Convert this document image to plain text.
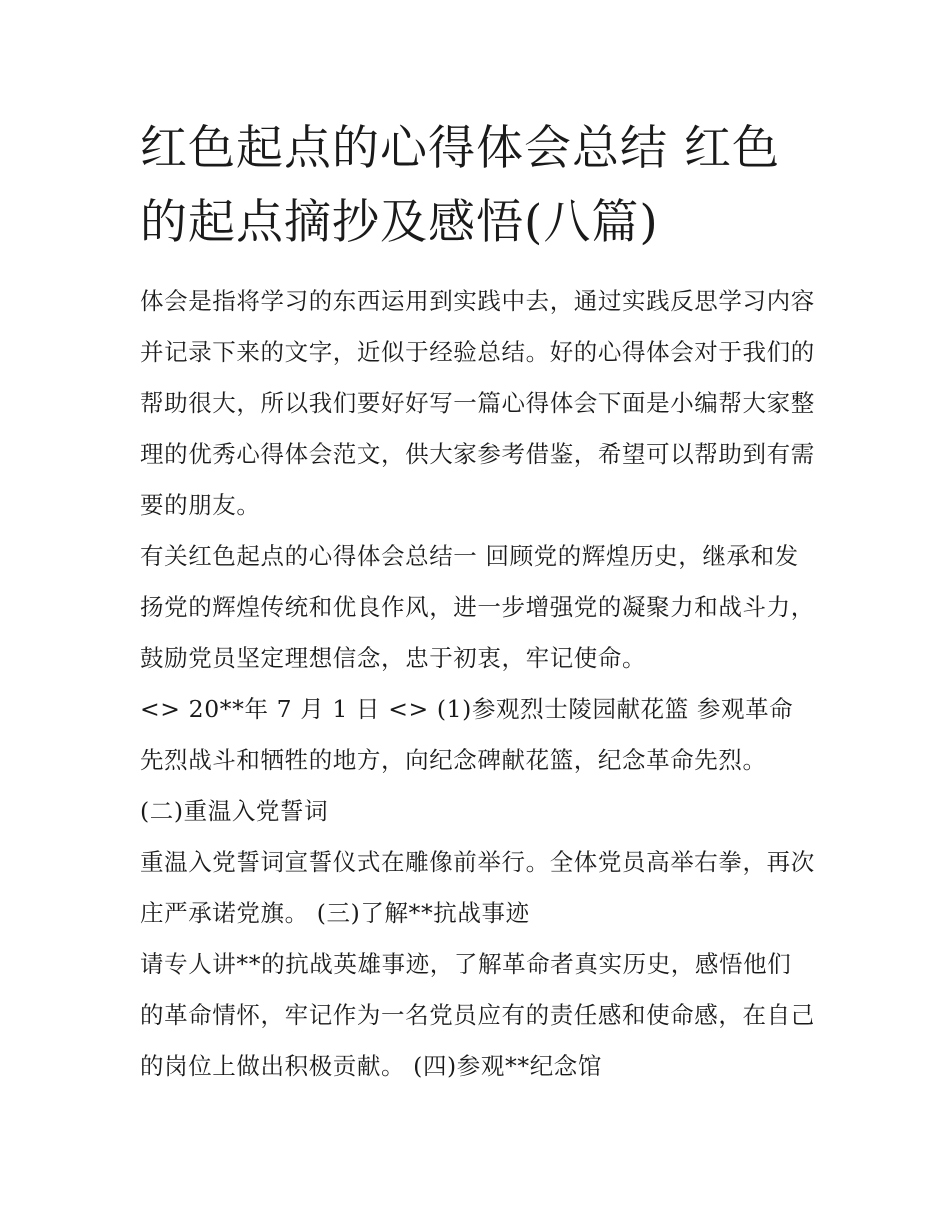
红色起点的心得体会总结 红色的起点摘抄及感悟(八篇)

体会是指将学习的东西运用到实践中去，通过实践反思学习内容并记录下来的文字，近似于经验总结。好的心得体会对于我们的帮助很大，所以我们要好好写一篇心得体会下面是小编帮大家整理的优秀心得体会范文，供大家参考借鉴，希望可以帮助到有需要的朋友。

有关红色起点的心得体会总结一 回顾党的辉煌历史，继承和发扬党的辉煌传统和优良作风，进一步增强党的凝聚力和战斗力，鼓励党员坚定理想信念，忠于初衷，牢记使命。

<> 20**年 7 月 1 日 <> (1)参观烈士陵园献花篮 参观革命先烈战斗和牺牲的地方，向纪念碑献花篮，纪念革命先烈。 (二)重温入党誓词

重温入党誓词宣誓仪式在雕像前举行。全体党员高举右拳，再次庄严承诺党旗。 (三)了解**抗战事迹

请专人讲**的抗战英雄事迹，了解革命者真实历史，感悟他们的革命情怀，牢记作为一名党员应有的责任感和使命感，在自己的岗位上做出积极贡献。 (四)参观**纪念馆
